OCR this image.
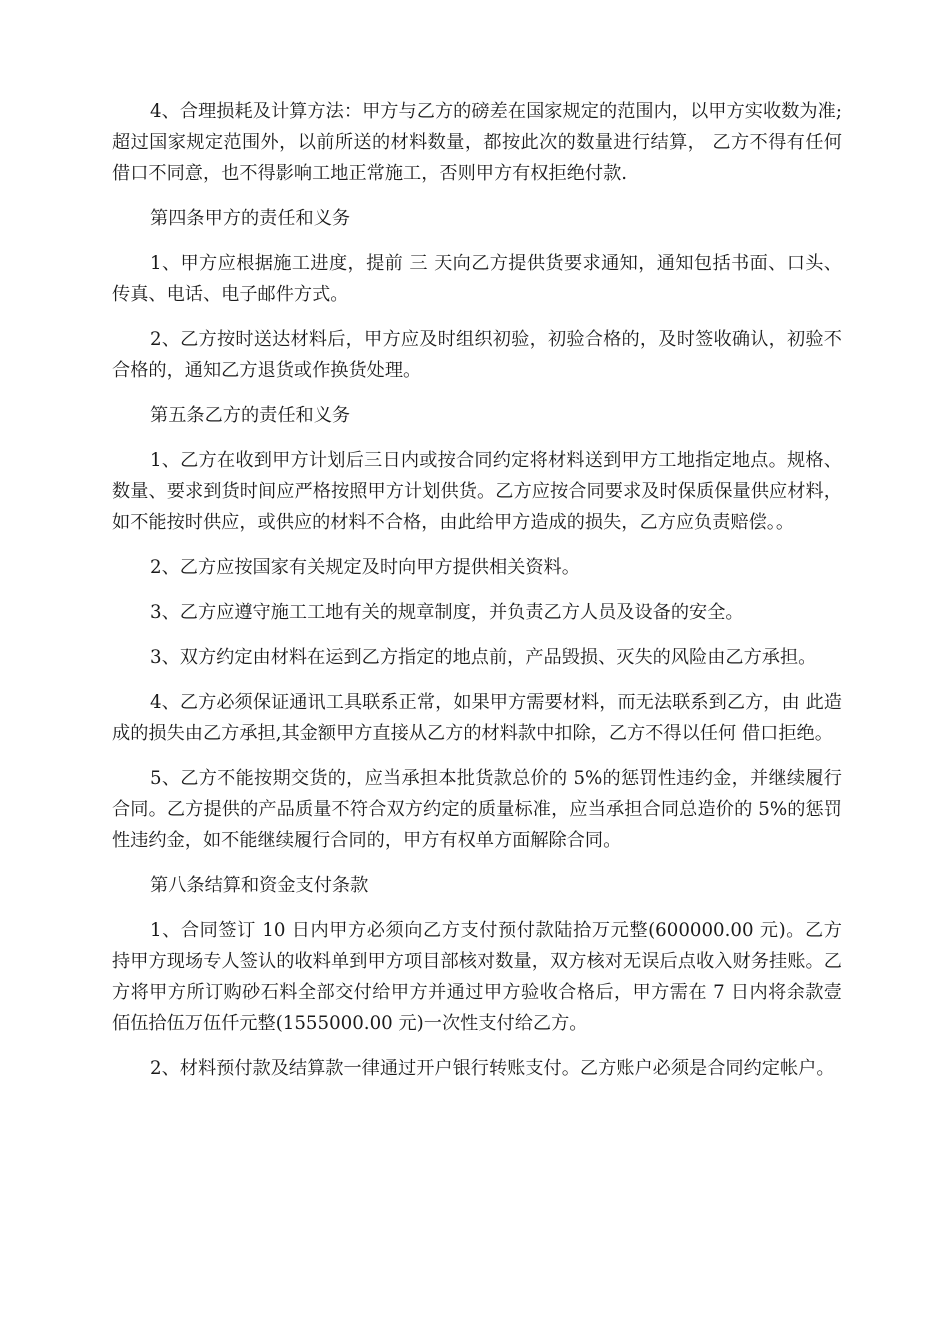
4、合理损耗及计算方法：甲方与乙方的磅差在国家规定的范围内，以甲方实收数为准;超过国家规定范围外，以前所送的材料数量，都按此次的数量进行结算， 乙方不得有任何借口不同意，也不得影响工地正常施工，否则甲方有权拒绝付款.

第四条甲方的责任和义务

1、甲方应根据施工进度，提前 三 天向乙方提供货要求通知，通知包括书面、口头、传真、电话、电子邮件方式。

2、乙方按时送达材料后，甲方应及时组织初验，初验合格的，及时签收确认，初验不合格的，通知乙方退货或作换货处理。

第五条乙方的责任和义务

1、乙方在收到甲方计划后三日内或按合同约定将材料送到甲方工地指定地点。规格、数量、要求到货时间应严格按照甲方计划供货。乙方应按合同要求及时保质保量供应材料，如不能按时供应，或供应的材料不合格，由此给甲方造成的损失，乙方应负责赔偿。。

2、乙方应按国家有关规定及时向甲方提供相关资料。

3、乙方应遵守施工工地有关的规章制度，并负责乙方人员及设备的安全。

3、双方约定由材料在运到乙方指定的地点前，产品毁损、灭失的风险由乙方承担。

4、乙方必须保证通讯工具联系正常，如果甲方需要材料，而无法联系到乙方，由 此造成的损失由乙方承担,其金额甲方直接从乙方的材料款中扣除，乙方不得以任何 借口拒绝。

5、乙方不能按期交货的，应当承担本批货款总价的 5%的惩罚性违约金，并继续履行合同。乙方提供的产品质量不符合双方约定的质量标准，应当承担合同总造价的 5%的惩罚性违约金，如不能继续履行合同的，甲方有权单方面解除合同。

第八条结算和资金支付条款

1、合同签订 10 日内甲方必须向乙方支付预付款陆拾万元整(600000.00 元)。乙方持甲方现场专人签认的收料单到甲方项目部核对数量，双方核对无误后点收入财务挂账。乙方将甲方所订购砂石料全部交付给甲方并通过甲方验收合格后，甲方需在 7 日内将余款壹佰伍拾伍万伍仟元整(1555000.00 元)一次性支付给乙方。

2、材料预付款及结算款一律通过开户银行转账支付。乙方账户必须是合同约定帐户。
